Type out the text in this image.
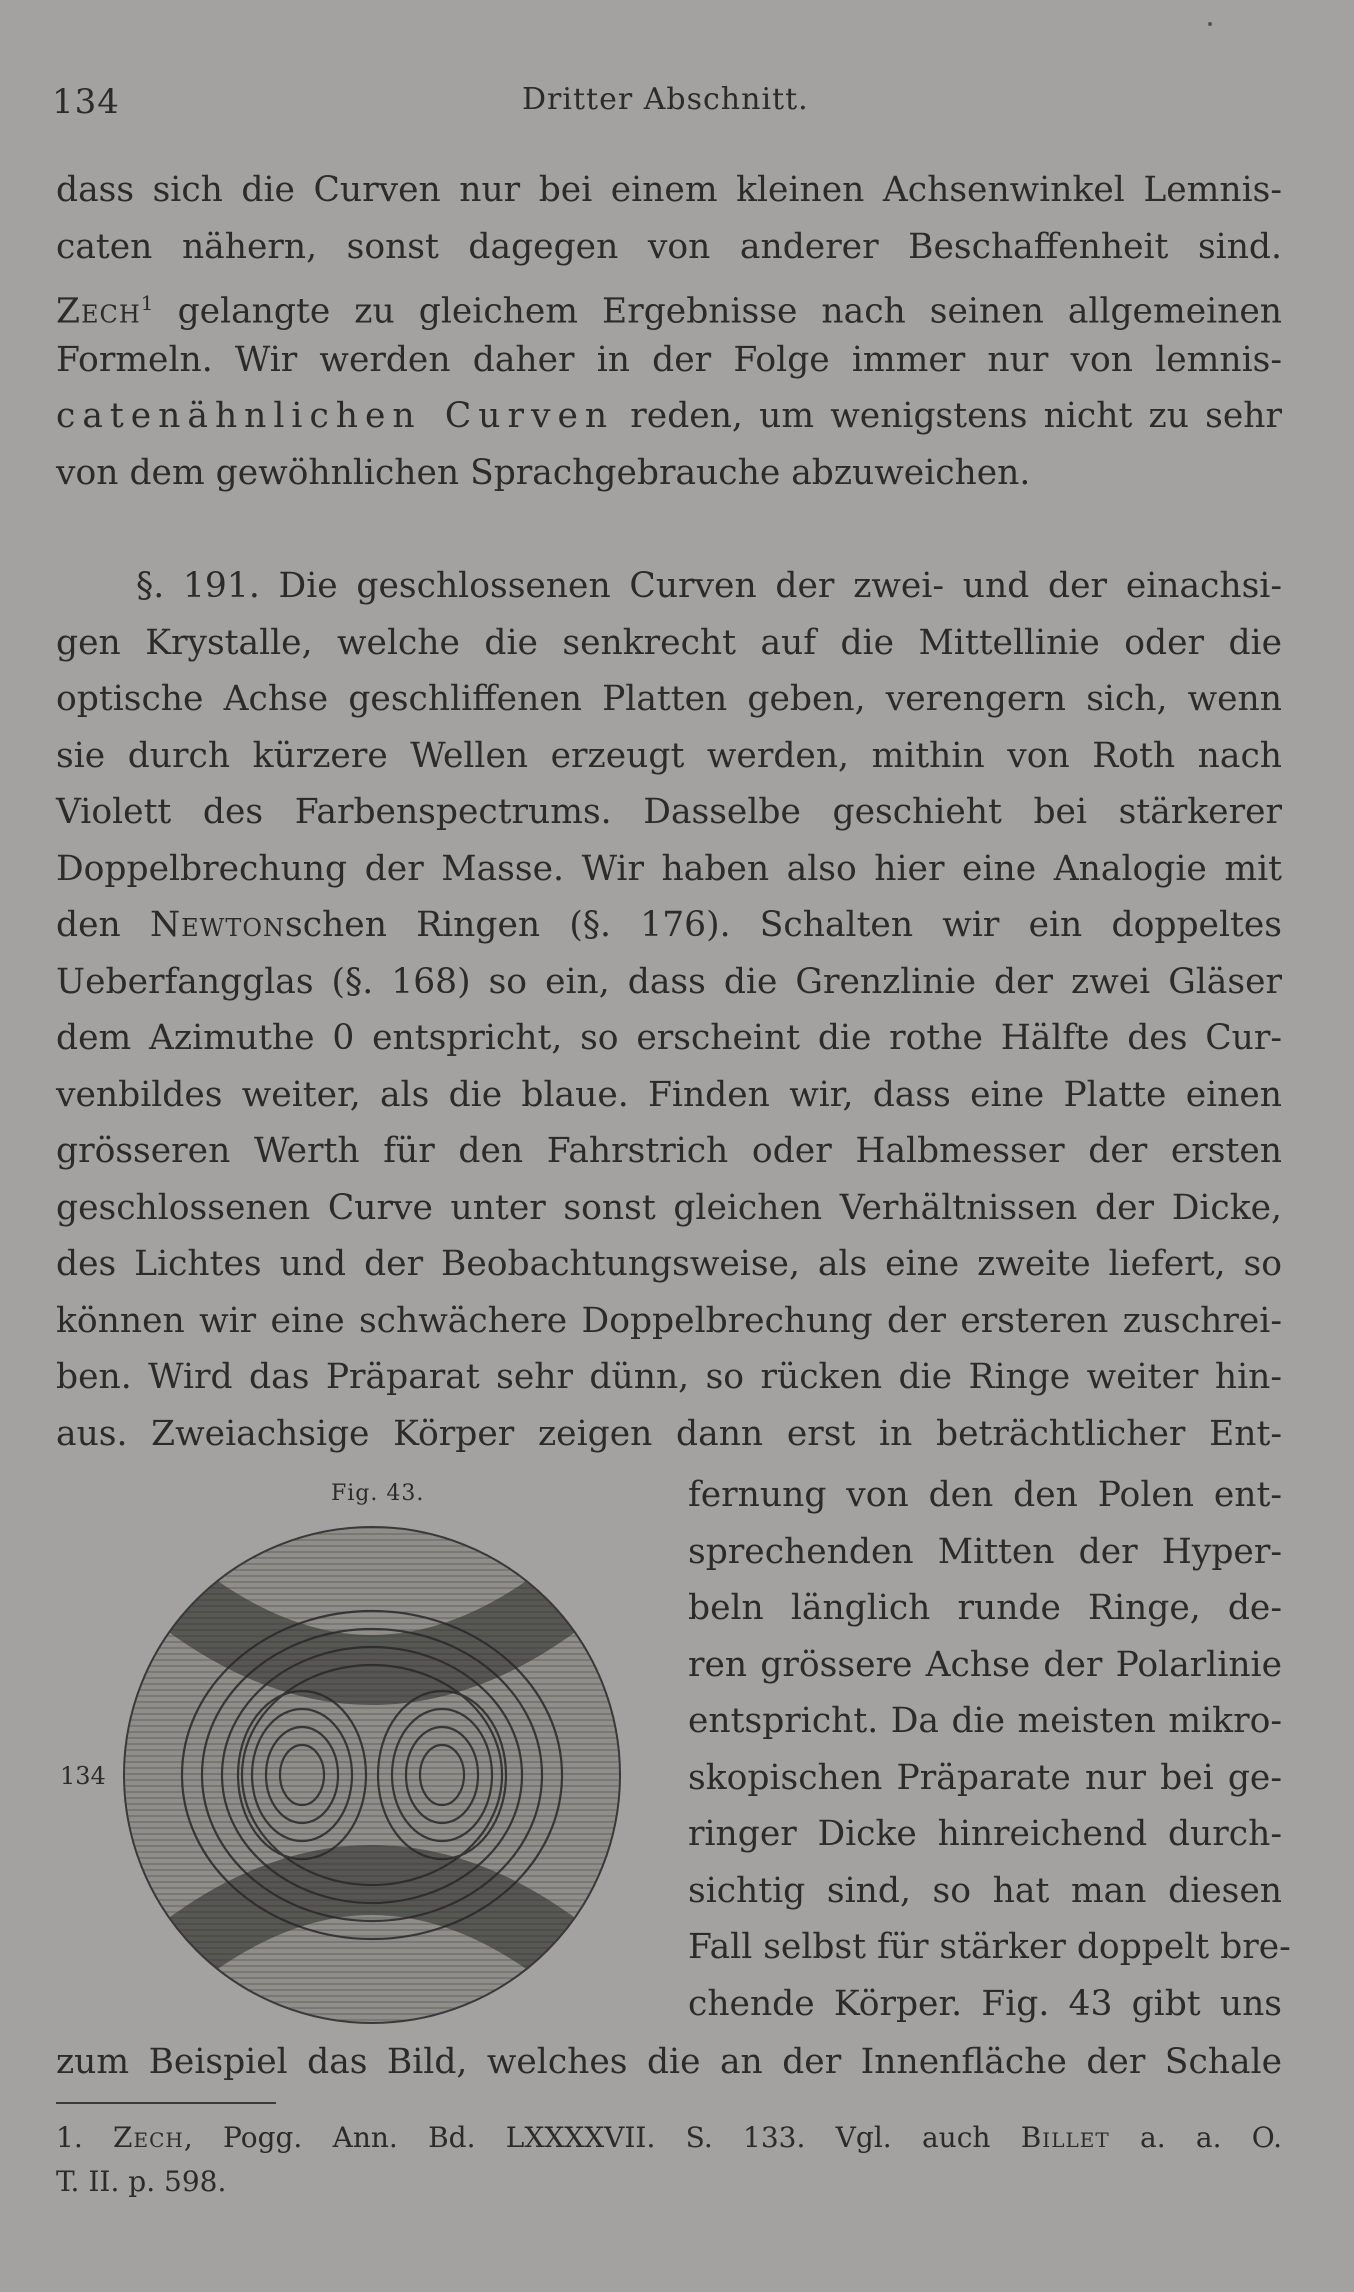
134	Dritter Abschnitt.
dass sich die Curven nur bei einem kleinen Achsenwinkel Lemnis-
caten nähern, sonst dagegen von anderer Beschaffenheit sind.
Zech$^1$ gelangte zu gleichem Ergebnisse nach seinen allgemeinen
Formeln. Wir werden daher in der Folge immer nur von lemnis-
catenähnlichen Curven reden, um wenigstens nicht zu sehr
von dem gewöhnlichen Sprachgebrauche abzuweichen.
§. 191. Die geschlossenen Curven der zwei- und der einachsi-
gen Krystalle, welche die senkrecht auf die Mittellinie oder die
optische Achse geschliffenen Platten geben, verengern sich, wenn
sie durch kürzere Wellen erzeugt werden, mithin von Roth nach
Violett des Farbenspectrums. Dasselbe geschieht bei stärkerer
Doppelbrechung der Masse. Wir haben also hier eine Analogie mit
den Newtonschen Ringen (§. 176). Schalten wir ein doppeltes
Ueberfangglas (§. 168) so ein, dass die Grenzlinie der zwei Gläser
dem Azimuthe 0 entspricht, so erscheint die rothe Hälfte des Cur-
venbildes weiter, als die blaue. Finden wir, dass eine Platte einen
grösseren Werth für den Fahrstrich oder Halbmesser der ersten
geschlossenen Curve unter sonst gleichen Verhältnissen der Dicke,
des Lichtes und der Beobachtungsweise, als eine zweite liefert, so
können wir eine schwächere Doppelbrechung der ersteren zuschrei-
ben. Wird das Präparat sehr dünn, so rücken die Ringe weiter hin-
aus. Zweiachsige Körper zeigen dann erst in beträchtlicher Ent-
Fig. 43.	fernung von den den Polen ent-
sprechenden Mitten der Hyper-
beln länglich runde Ringe, de-
ren grössere Achse der Polarlinie
entspricht. Da die meisten mikro-
skopischen Präparate nur bei ge-
ringer Dicke hinreichend durch-
sichtig sind, so hat man diesen
Fall selbst für stärker doppelt bre-
chende Körper. Fig. 43 gibt uns
zum Beispiel das Bild, welches die an der Innenfläche der Schale
1. Zech, Pogg. Ann. Bd. LXXXXVII. S. 133. Vgl. auch Billet a. a. O.
T. II. p. 598.
134
